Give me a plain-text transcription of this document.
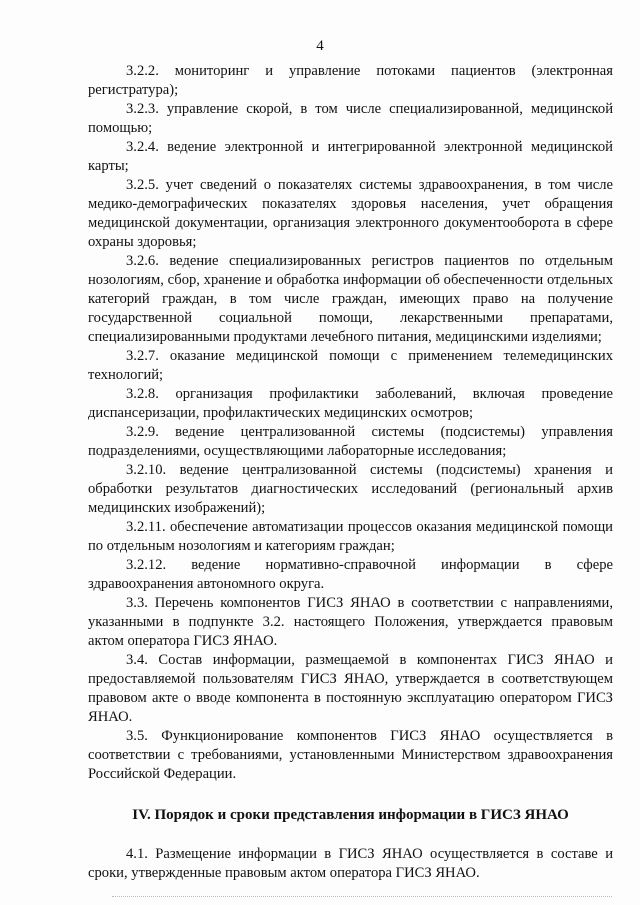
4

3.2.2. мониторинг и управление потоками пациентов (электронная регистратура);

3.2.3. управление скорой, в том числе специализированной, медицинской помощью;

3.2.4. ведение электронной и интегрированной электронной медицинской карты;

3.2.5. учет сведений о показателях системы здравоохранения, в том числе медико-демографических показателях здоровья населения, учет обращения медицинской документации, организация электронного документооборота в сфере охраны здоровья;

3.2.6. ведение специализированных регистров пациентов по отдельным нозологиям, сбор, хранение и обработка информации об обеспеченности отдельных категорий граждан, в том числе граждан, имеющих право на получение государственной социальной помощи, лекарственными препаратами, специализированными продуктами лечебного питания, медицинскими изделиями;

3.2.7. оказание медицинской помощи с применением телемедицинских технологий;

3.2.8. организация профилактики заболеваний, включая проведение диспансеризации, профилактических медицинских осмотров;

3.2.9. ведение централизованной системы (подсистемы) управления подразделениями, осуществляющими лабораторные исследования;

3.2.10. ведение централизованной системы (подсистемы) хранения и обработки результатов диагностических исследований (региональный архив медицинских изображений);

3.2.11. обеспечение автоматизации процессов оказания медицинской помощи по отдельным нозологиям и категориям граждан;

3.2.12. ведение нормативно-справочной информации в сфере здравоохранения автономного округа.

3.3. Перечень компонентов ГИСЗ ЯНАО в соответствии с направлениями, указанными в подпункте 3.2. настоящего Положения, утверждается правовым актом оператора ГИСЗ ЯНАО.

3.4. Состав информации, размещаемой в компонентах ГИСЗ ЯНАО и предоставляемой пользователям ГИСЗ ЯНАО, утверждается в соответствующем правовом акте о вводе компонента в постоянную эксплуатацию оператором ГИСЗ ЯНАО.

3.5. Функционирование компонентов ГИСЗ ЯНАО осуществляется в соответствии с требованиями, установленными Министерством здравоохранения Российской Федерации.

IV. Порядок и сроки представления информации в ГИСЗ ЯНАО

4.1. Размещение информации в ГИСЗ ЯНАО осуществляется в составе и сроки, утвержденные правовым актом оператора ГИСЗ ЯНАО.
